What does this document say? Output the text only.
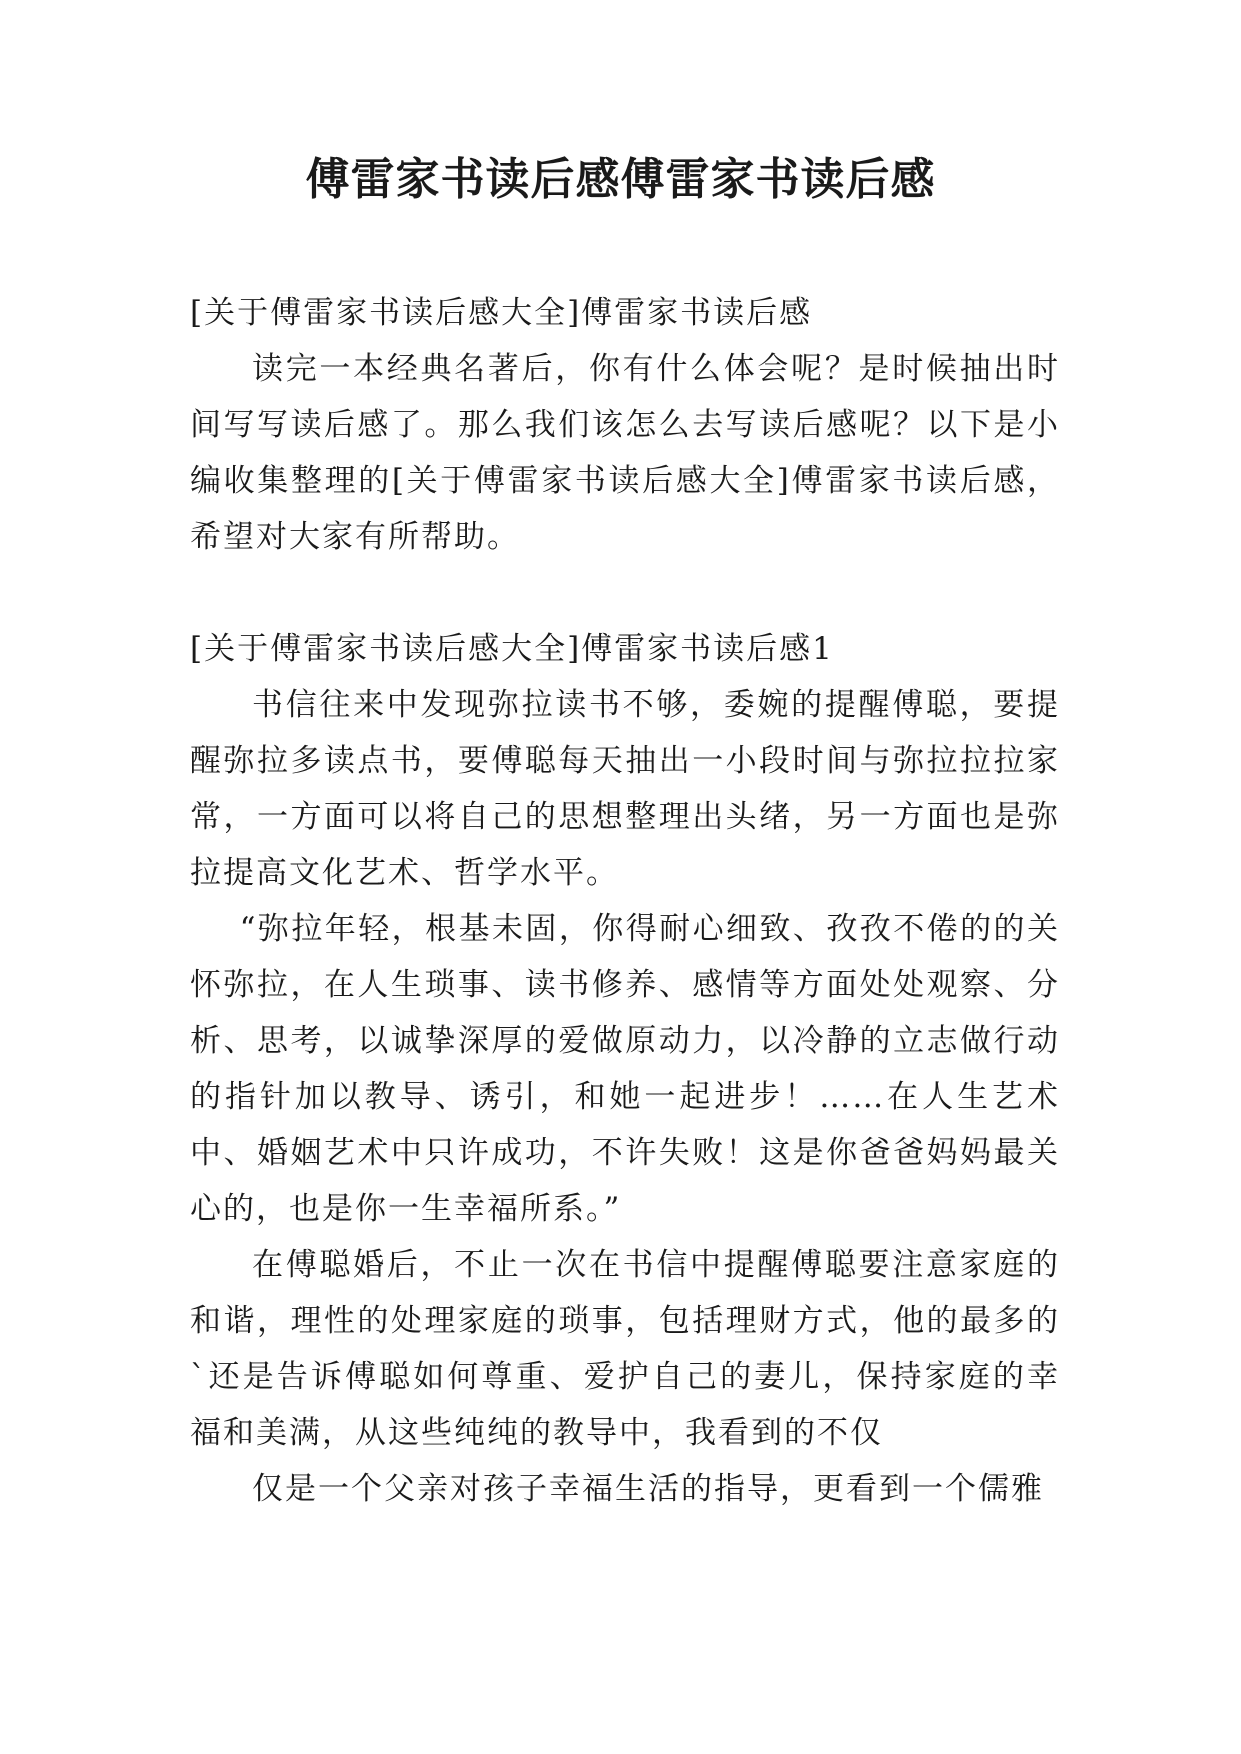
傅雷家书读后感傅雷家书读后感

[关于傅雷家书读后感大全]傅雷家书读后感

读完一本经典名著后，你有什么体会呢？是时候抽出时间写写读后感了。那么我们该怎么去写读后感呢？以下是小编收集整理的[关于傅雷家书读后感大全]傅雷家书读后感，希望对大家有所帮助。

[关于傅雷家书读后感大全]傅雷家书读后感1

书信往来中发现弥拉读书不够，委婉的提醒傅聪，要提醒弥拉多读点书，要傅聪每天抽出一小段时间与弥拉拉拉家常，一方面可以将自己的思想整理出头绪，另一方面也是弥拉提高文化艺术、哲学水平。

“弥拉年轻，根基未固，你得耐心细致、孜孜不倦的的关怀弥拉，在人生琐事、读书修养、感情等方面处处观察、分析、思考，以诚挚深厚的爱做原动力，以冷静的立志做行动的指针加以教导、诱引，和她一起进步！……在人生艺术中、婚姻艺术中只许成功，不许失败！这是你爸爸妈妈最关心的，也是你一生幸福所系。”

在傅聪婚后，不止一次在书信中提醒傅聪要注意家庭的和谐，理性的处理家庭的琐事，包括理财方式，他的最多的`还是告诉傅聪如何尊重、爱护自己的妻儿，保持家庭的幸福和美满，从这些纯纯的教导中，我看到的不仅

仅是一个父亲对孩子幸福生活的指导，更看到一个儒雅
